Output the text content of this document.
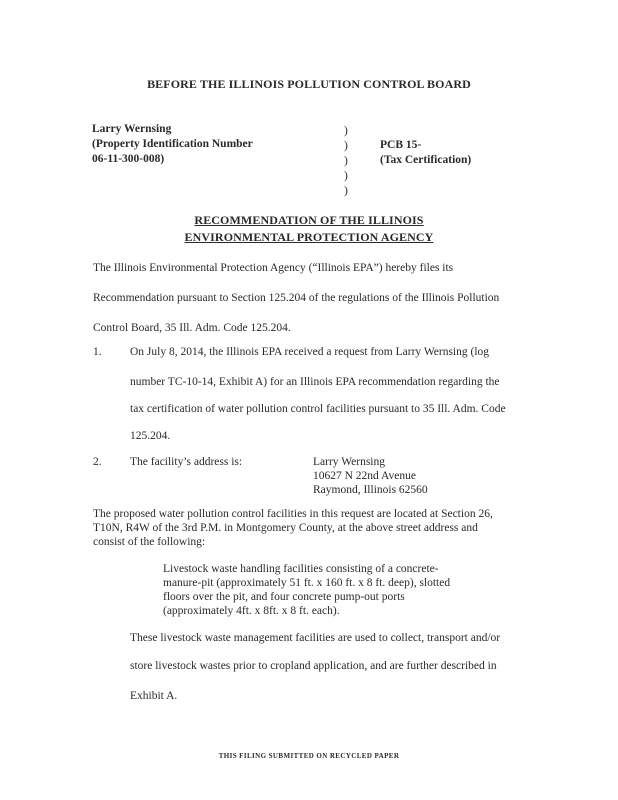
BEFORE THE ILLINOIS POLLUTION CONTROL BOARD
Larry Wernsing
(Property Identification Number
06-11-300-008)
)
)
)
)
)
PCB 15-
(Tax Certification)
RECOMMENDATION OF THE ILLINOIS
ENVIRONMENTAL PROTECTION AGENCY
The Illinois Environmental Protection Agency (“Illinois EPA”) hereby files its
Recommendation pursuant to Section 125.204 of the regulations of the Illinois Pollution
Control Board, 35 Ill. Adm. Code 125.204.
1. On July 8, 2014, the Illinois EPA received a request from Larry Wernsing (log
number TC-10-14, Exhibit A) for an Illinois EPA recommendation regarding the
tax certification of water pollution control facilities pursuant to 35 Ill. Adm. Code
125.204.
2. The facility’s address is:	Larry Wernsing
10627 N 22nd Avenue
Raymond, Illinois 62560
The proposed water pollution control facilities in this request are located at Section 26,
T10N, R4W of the 3rd P.M. in Montgomery County, at the above street address and
consist of the following:
Livestock waste handling facilities consisting of a concrete-
manure-pit (approximately 51 ft. x 160 ft. x 8 ft. deep), slotted
floors over the pit, and four concrete pump-out ports
(approximately 4ft. x 8ft. x 8 ft. each).
These livestock waste management facilities are used to collect, transport and/or
store livestock wastes prior to cropland application, and are further described in
Exhibit A.
THIS FILING SUBMITTED ON RECYCLED PAPER
